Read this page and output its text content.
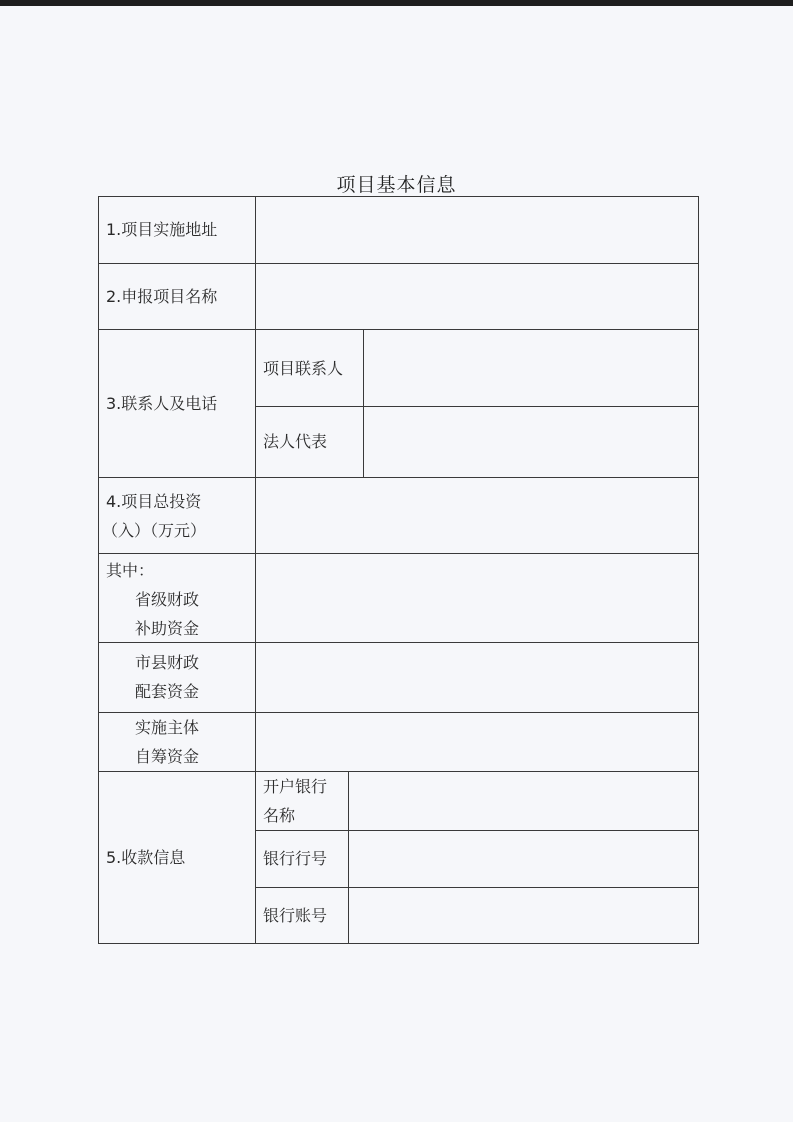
项目基本信息
1.项目实施地址
2.申报项目名称
3.联系人及电话
项目联系人
法人代表
4.项目总投资
（入）（万元）
其中：
省级财政
补助资金
市县财政
配套资金
实施主体
自筹资金
5.收款信息
开户银行
名称
银行行号
银行账号
